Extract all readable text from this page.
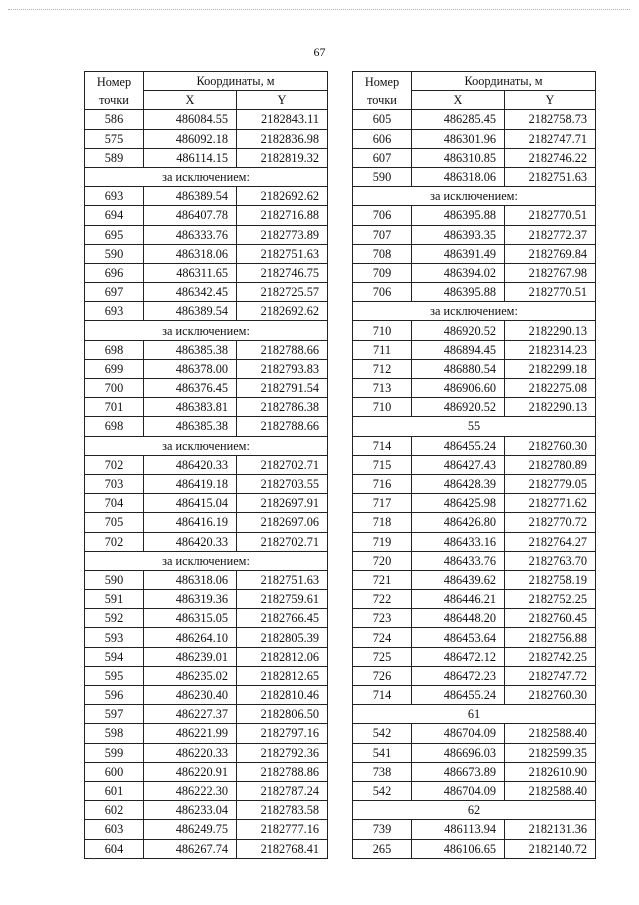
67
Номер
точки	Координаты, м	
	X	Y
586	486084.55	2182843.11
575	486092.18	2182836.98
589	486114.15	2182819.32
за исключением:		
693	486389.54	2182692.62
694	486407.78	2182716.88
695	486333.76	2182773.89
590	486318.06	2182751.63
696	486311.65	2182746.75
697	486342.45	2182725.57
693	486389.54	2182692.62
за исключением:		
698	486385.38	2182788.66
699	486378.00	2182793.83
700	486376.45	2182791.54
701	486383.81	2182786.38
698	486385.38	2182788.66
за исключением:		
702	486420.33	2182702.71
703	486419.18	2182703.55
704	486415.04	2182697.91
705	486416.19	2182697.06
702	486420.33	2182702.71
за исключением:		
590	486318.06	2182751.63
591	486319.36	2182759.61
592	486315.05	2182766.45
593	486264.10	2182805.39
594	486239.01	2182812.06
595	486235.02	2182812.65
596	486230.40	2182810.46
597	486227.37	2182806.50
598	486221.99	2182797.16
599	486220.33	2182792.36
600	486220.91	2182788.86
601	486222.30	2182787.24
602	486233.04	2182783.58
603	486249.75	2182777.16
604	486267.74	2182768.41
Номер
точки	Координаты, м	
	X	Y
605	486285.45	2182758.73
606	486301.96	2182747.71
607	486310.85	2182746.22
590	486318.06	2182751.63
за исключением:		
706	486395.88	2182770.51
707	486393.35	2182772.37
708	486391.49	2182769.84
709	486394.02	2182767.98
706	486395.88	2182770.51
за исключением:		
710	486920.52	2182290.13
711	486894.45	2182314.23
712	486880.54	2182299.18
713	486906.60	2182275.08
710	486920.52	2182290.13
55		
714	486455.24	2182760.30
715	486427.43	2182780.89
716	486428.39	2182779.05
717	486425.98	2182771.62
718	486426.80	2182770.72
719	486433.16	2182764.27
720	486433.76	2182763.70
721	486439.62	2182758.19
722	486446.21	2182752.25
723	486448.20	2182760.45
724	486453.64	2182756.88
725	486472.12	2182742.25
726	486472.23	2182747.72
714	486455.24	2182760.30
61		
542	486704.09	2182588.40
541	486696.03	2182599.35
738	486673.89	2182610.90
542	486704.09	2182588.40
62		
739	486113.94	2182131.36
265	486106.65	2182140.72
·
